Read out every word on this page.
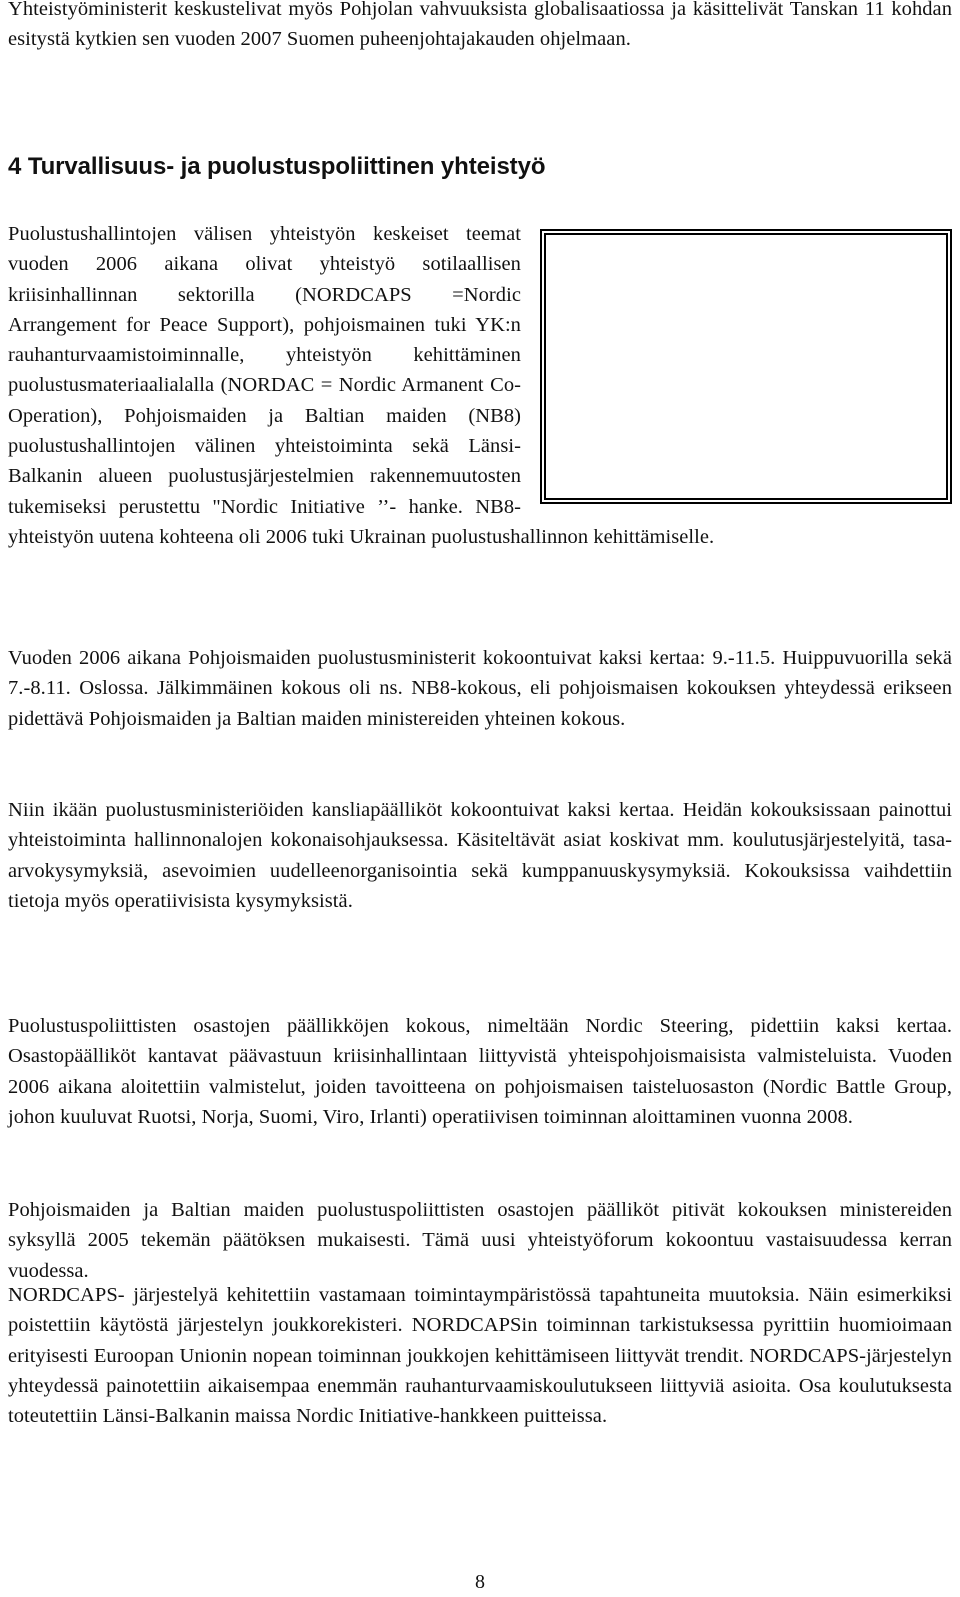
Yhteistyöministerit keskustelivat myös Pohjolan vahvuuksista globalisaatiossa ja käsittelivät Tanskan 11 kohdan esitystä kytkien sen vuoden 2007 Suomen puheenjohtajakauden ohjelmaan.

4 Turvallisuus- ja puolustuspoliittinen yhteistyö

Puolustushallintojen välisen yhteistyön keskeiset teemat vuoden 2006 aikana olivat yhteistyö sotilaallisen kriisinhallinnan sektorilla (NORDCAPS =Nordic Arrangement for Peace Support), pohjoismainen tuki YK:n rauhanturvaamistoiminnalle, yhteistyön kehittäminen puolustusmateriaalialalla (NORDAC = Nordic Armanent Co-Operation), Pohjoismaiden ja Baltian maiden (NB8) puolustushallintojen välinen yhteistoiminta sekä Länsi-Balkanin alueen puolustusjärjestelmien rakennemuutosten tukemiseksi perustettu "Nordic Initiative ’’- hanke. NB8-yhteistyön uutena kohteena oli 2006 tuki Ukrainan puolustushallinnon kehittämiselle.

Vuoden 2006 aikana Pohjoismaiden puolustusministerit kokoontuivat kaksi kertaa: 9.-11.5. Huippuvuorilla sekä 7.-8.11. Oslossa. Jälkimmäinen kokous oli ns. NB8-kokous, eli pohjoismaisen kokouksen yhteydessä erikseen pidettävä Pohjoismaiden ja Baltian maiden ministereiden yhteinen kokous.

Niin ikään puolustusministeriöiden kansliapäälliköt kokoontuivat kaksi kertaa. Heidän kokouksissaan painottui yhteistoiminta hallinnonalojen kokonaisohjauksessa. Käsiteltävät asiat koskivat mm. koulutusjärjestelyitä, tasa-arvokysymyksiä, asevoimien uudelleenorganisointia sekä kumppanuuskysymyksiä. Kokouksissa vaihdettiin tietoja myös operatiivisista kysymyksistä.

Puolustuspoliittisten osastojen päällikköjen kokous, nimeltään Nordic Steering, pidettiin kaksi kertaa. Osastopäälliköt kantavat päävastuun kriisinhallintaan liittyvistä yhteispohjoismaisista valmisteluista. Vuoden 2006 aikana aloitettiin valmistelut, joiden tavoitteena on pohjoismaisen taisteluosaston (Nordic Battle Group, johon kuuluvat Ruotsi, Norja, Suomi, Viro, Irlanti) operatiivisen toiminnan aloittaminen vuonna 2008.

Pohjoismaiden ja Baltian maiden puolustuspoliittisten osastojen päälliköt pitivät kokouksen ministereiden syksyllä 2005 tekemän päätöksen mukaisesti. Tämä uusi yhteistyöforum kokoontuu vastaisuudessa kerran vuodessa.

NORDCAPS- järjestelyä kehitettiin vastamaan toimintaympäristössä tapahtuneita muutoksia. Näin esimerkiksi poistettiin käytöstä järjestelyn joukkorekisteri. NORDCAPSin toiminnan tarkistuksessa pyrittiin huomioimaan erityisesti Euroopan Unionin nopean toiminnan joukkojen kehittämiseen liittyvät trendit. NORDCAPS-järjestelyn yhteydessä painotettiin aikaisempaa enemmän rauhanturvaamiskoulutukseen liittyviä asioita. Osa koulutuksesta toteutettiin Länsi-Balkanin maissa Nordic Initiative-hankkeen puitteissa.

8
